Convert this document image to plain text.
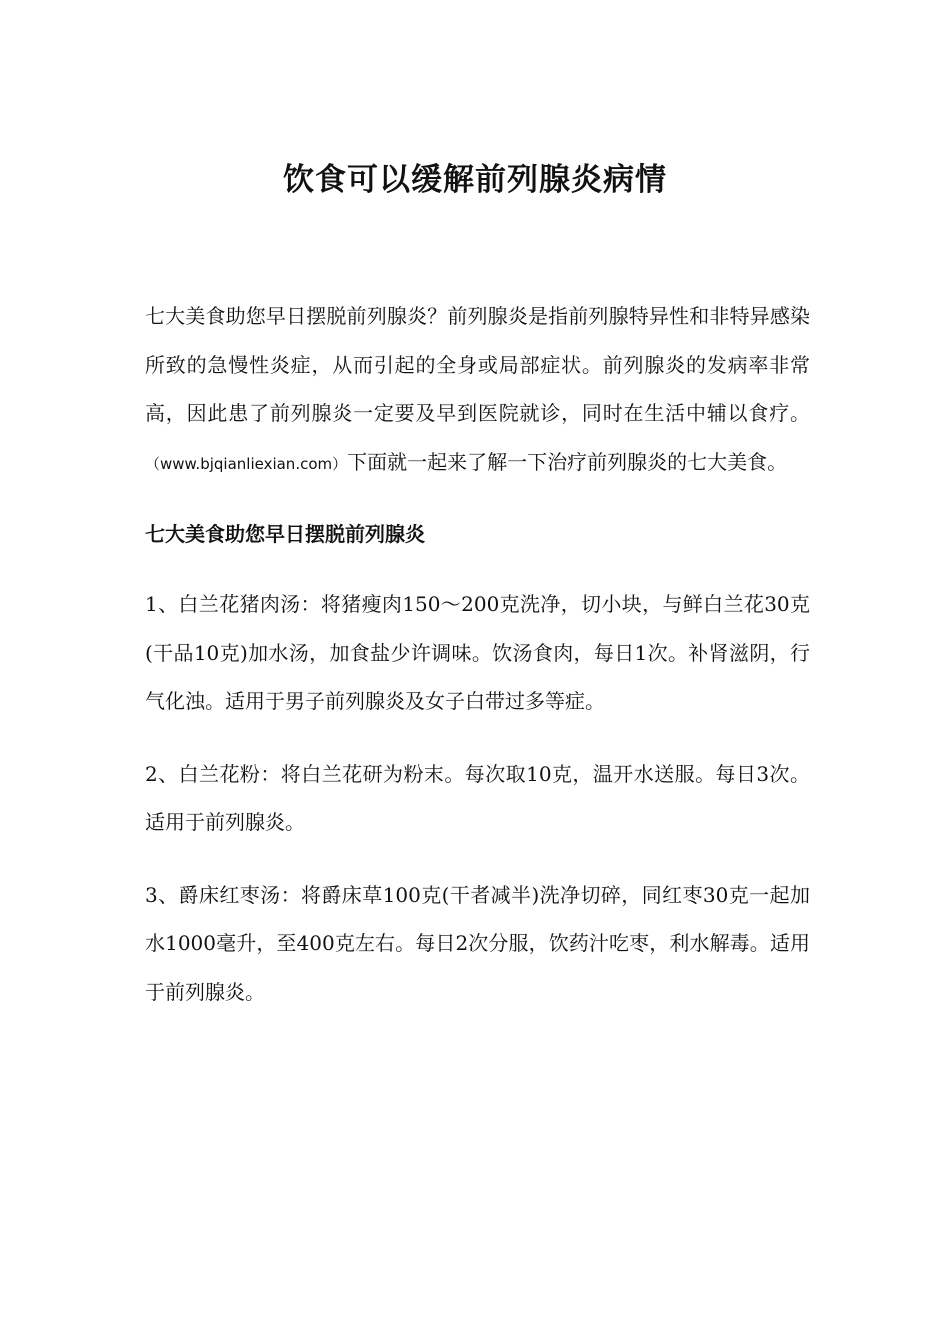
饮食可以缓解前列腺炎病情

七大美食助您早日摆脱前列腺炎？前列腺炎是指前列腺特异性和非特异感染所致的急慢性炎症，从而引起的全身或局部症状。前列腺炎的发病率非常高，因此患了前列腺炎一定要及早到医院就诊，同时在生活中辅以食疗。（www.bjqianliexian.com）下面就一起来了解一下治疗前列腺炎的七大美食。

七大美食助您早日摆脱前列腺炎

1、白兰花猪肉汤：将猪瘦肉150～200克洗净，切小块，与鲜白兰花30克(干品10克)加水汤，加食盐少许调味。饮汤食肉，每日1次。补肾滋阴，行气化浊。适用于男子前列腺炎及女子白带过多等症。

2、白兰花粉：将白兰花研为粉末。每次取10克，温开水送服。每日3次。适用于前列腺炎。

3、爵床红枣汤：将爵床草100克(干者减半)洗净切碎，同红枣30克一起加水1000毫升，至400克左右。每日2次分服，饮药汁吃枣，利水解毒。适用于前列腺炎。
